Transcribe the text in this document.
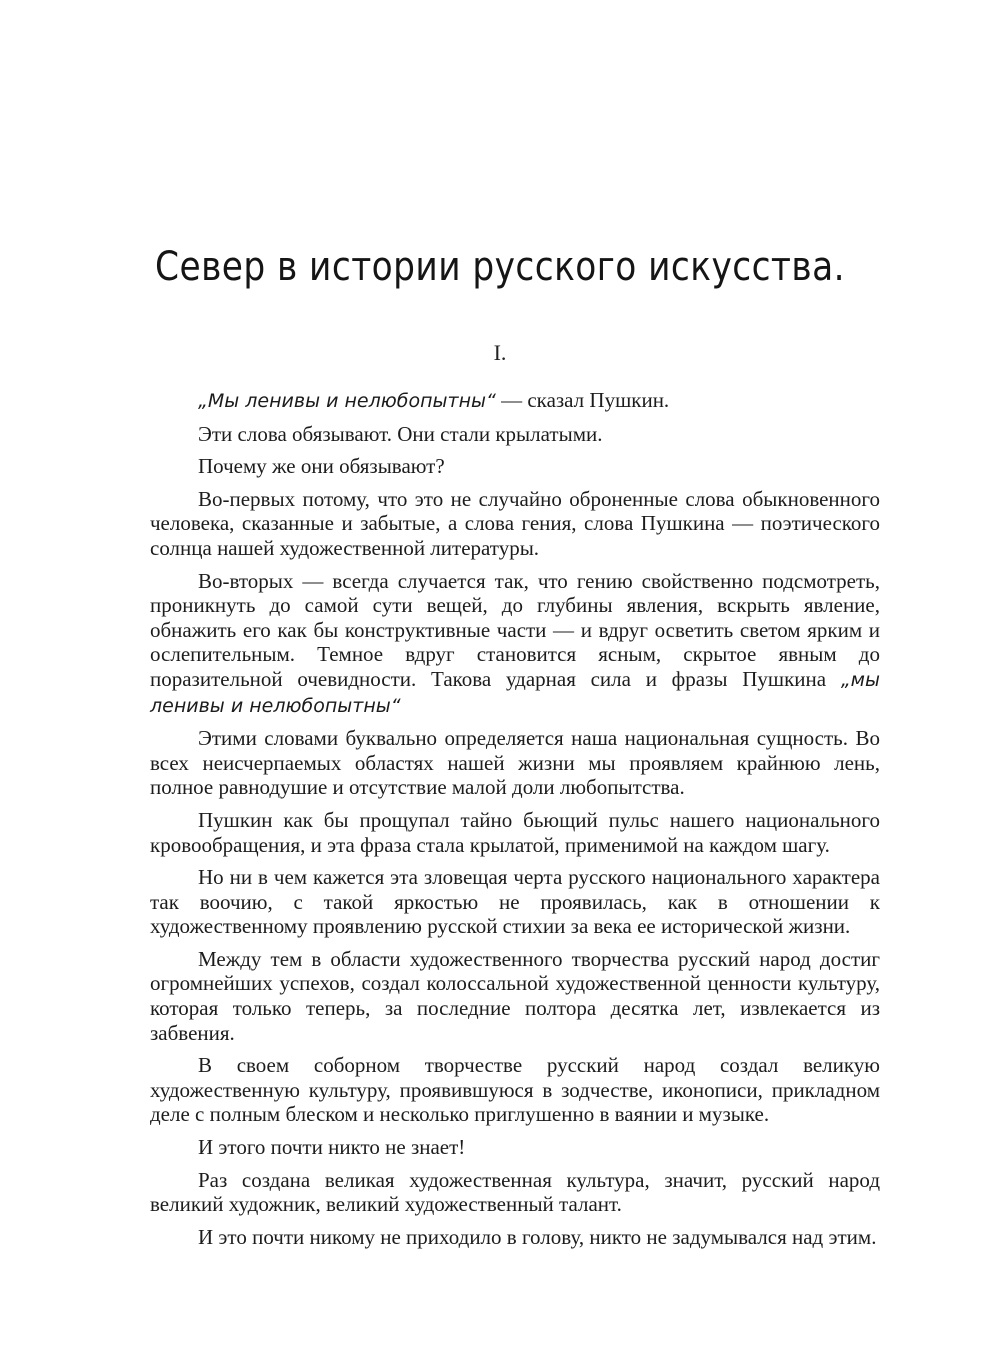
Север в истории русского искусства.
I.

„Мы ленивы и нелюбопытны“ — сказал Пушкин.

Эти слова обязывают. Они стали крылатыми.

Почему же они обязывают?

Во-первых потому, что это не случайно оброненные слова обыкновенного человека, сказанные и забытые, а слова гения, слова Пушкина — поэтического солнца нашей художественной литературы.

Во-вторых — всегда случается так, что гению свойственно подсмотреть, проникнуть до самой сути вещей, до глубины явления, вскрыть явление, обнажить его как бы конструктивные части — и вдруг осветить светом ярким и ослепительным. Темное вдруг становится ясным, скрытое явным до поразительной очевидности. Такова ударная сила и фразы Пушкина „мы ленивы и нелюбопытны“

Этими словами буквально определяется наша национальная сущность. Во всех неисчерпаемых областях нашей жизни мы проявляем крайнюю лень, полное равнодушие и отсутствие малой доли любопытства.

Пушкин как бы прощупал тайно бьющий пульс нашего национального кровообращения, и эта фраза стала крылатой, применимой на каждом шагу.

Но ни в чем кажется эта зловещая черта русского национального характера так воочию, с такой яркостью не проявилась, как в отношении к художественному проявлению русской стихии за века ее исторической жизни.

Между тем в области художественного творчества русский народ достиг огромнейших успехов, создал колоссальной художественной ценности культуру, которая только теперь, за последние полтора десятка лет, извлекается из забвения.

В своем соборном творчестве русский народ создал великую художественную культуру, проявившуюся в зодчестве, иконописи, прикладном деле с полным блеском и несколько приглушенно в ваянии и музыке.

И этого почти никто не знает!

Раз создана великая художественная культура, значит, русский народ великий художник, великий художественный талант.

И это почти никому не приходило в голову, никто не задумывался над этим.
